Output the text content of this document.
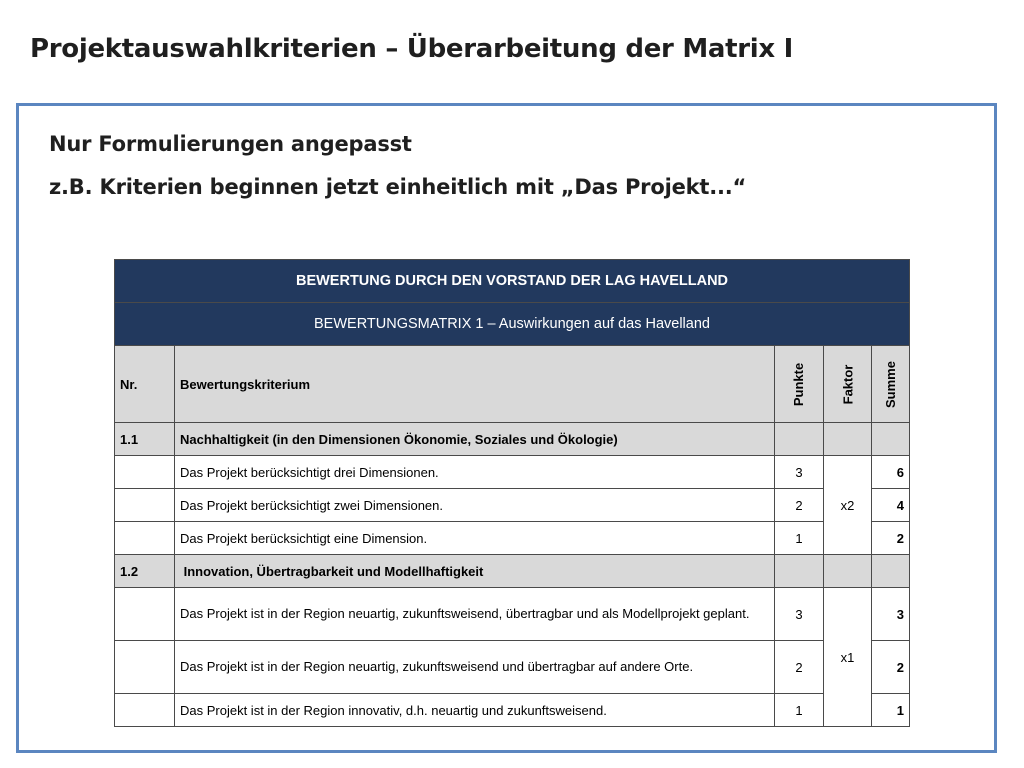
Projektauswahlkriterien – Überarbeitung der Matrix I

Nur Formulierungen angepasst

z.B. Kriterien beginnen jetzt einheitlich mit „Das Projekt...“

BEWERTUNG DURCH DEN VORSTAND DER LAG HAVELLAND				
BEWERTUNGSMATRIX 1 – Auswirkungen auf das Havelland				
Nr.	Bewertungskriterium	Punkte	Faktor	Summe

1.1	Nachhaltigkeit (in den Dimensionen Ökonomie, Soziales und Ökologie)			
	Das Projekt berücksichtigt drei Dimensionen.	3	x2	6
	Das Projekt berücksichtigt zwei Dimensionen.	2		4
	Das Projekt berücksichtigt eine Dimension.	1		2
1.2	Innovation, Übertragbarkeit und Modellhaftigkeit			
	Das Projekt ist in der Region neuartig, zukunftsweisend, übertragbar und als Modellprojekt geplant.	3	x1	3
	Das Projekt ist in der Region neuartig, zukunftsweisend und übertragbar auf andere Orte.	2		2
	Das Projekt ist in der Region innovativ, d.h. neuartig und zukunftsweisend.	1		1
